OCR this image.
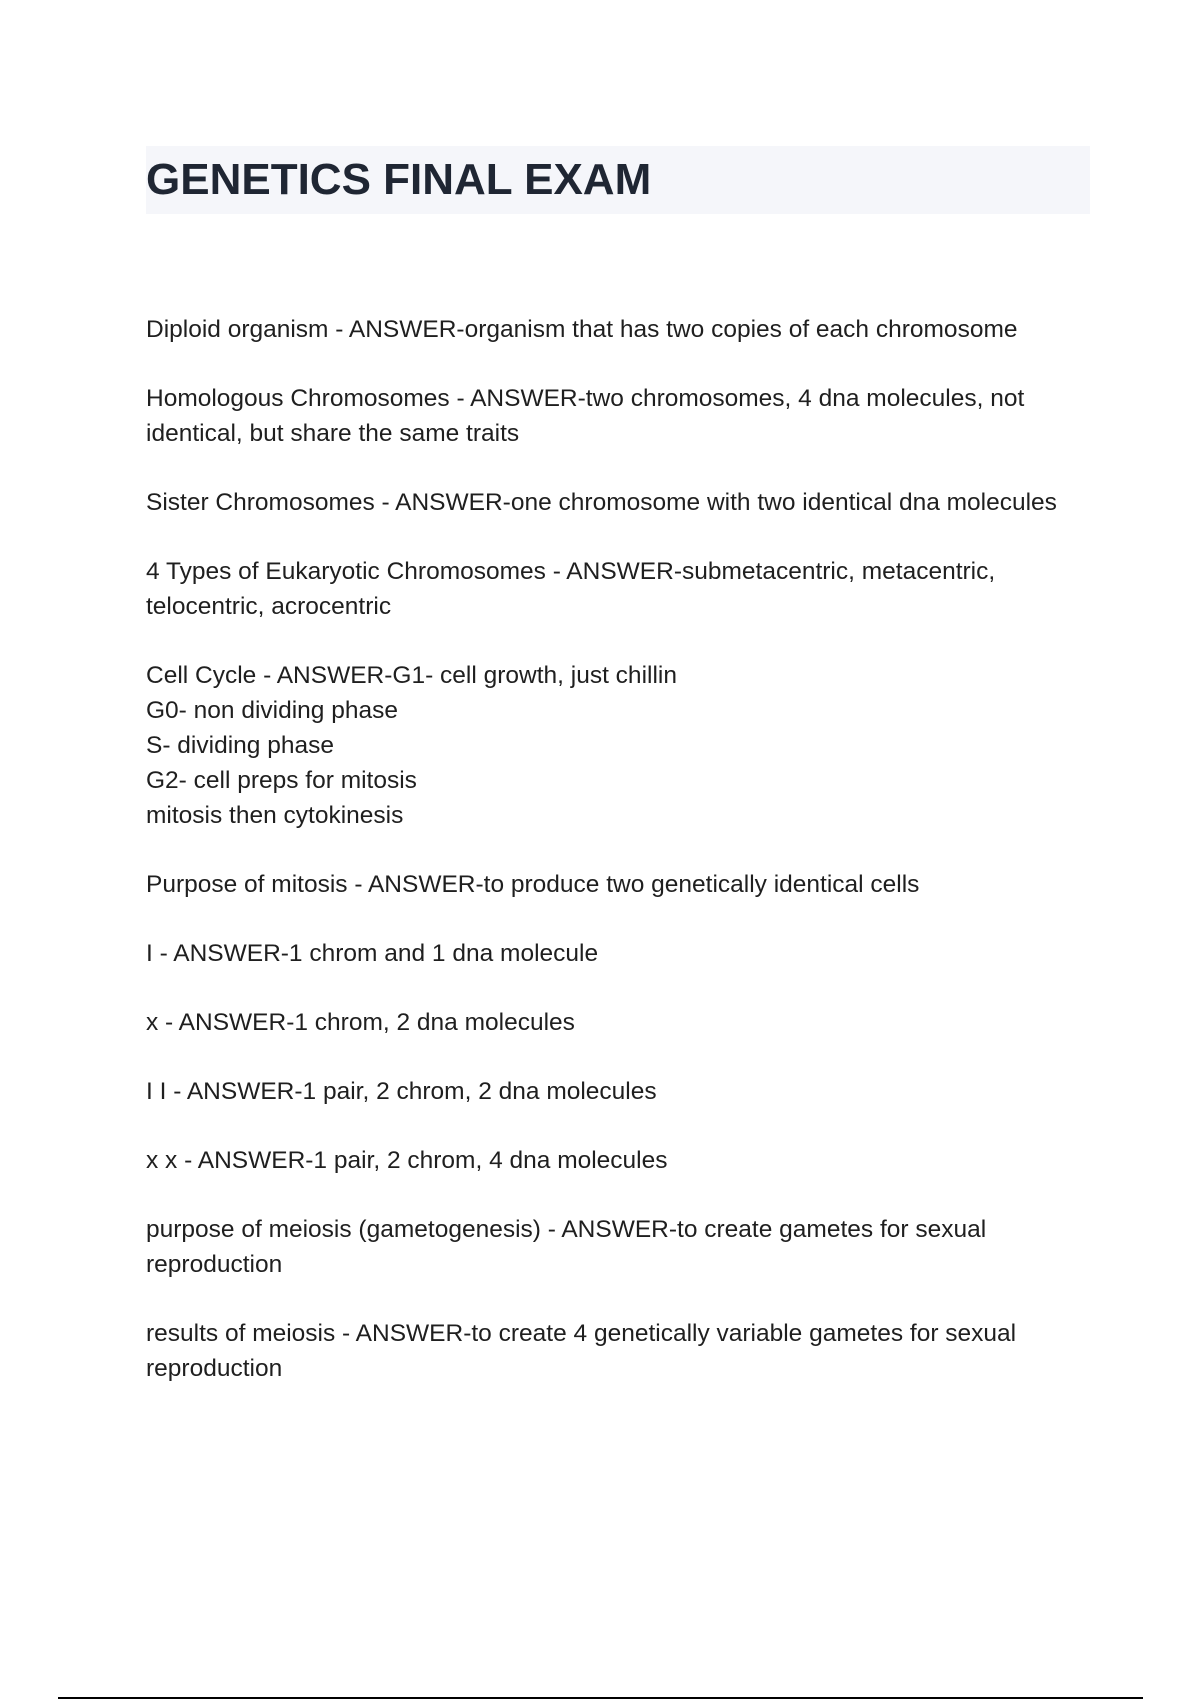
GENETICS FINAL EXAM

Diploid organism - ANSWER-organism that has two copies of each chromosome

Homologous Chromosomes - ANSWER-two chromosomes, 4 dna molecules, not identical, but share the same traits

Sister Chromosomes - ANSWER-one chromosome with two identical dna molecules

4 Types of Eukaryotic Chromosomes - ANSWER-submetacentric, metacentric, telocentric, acrocentric

Cell Cycle - ANSWER-G1- cell growth, just chillin
G0- non dividing phase
S- dividing phase
G2- cell preps for mitosis
mitosis then cytokinesis

Purpose of mitosis - ANSWER-to produce two genetically identical cells

I - ANSWER-1 chrom and 1 dna molecule

x - ANSWER-1 chrom, 2 dna molecules

I I - ANSWER-1 pair, 2 chrom, 2 dna molecules

x x - ANSWER-1 pair, 2 chrom, 4 dna molecules

purpose of meiosis (gametogenesis) - ANSWER-to create gametes for sexual reproduction

results of meiosis - ANSWER-to create 4 genetically variable gametes for sexual reproduction
